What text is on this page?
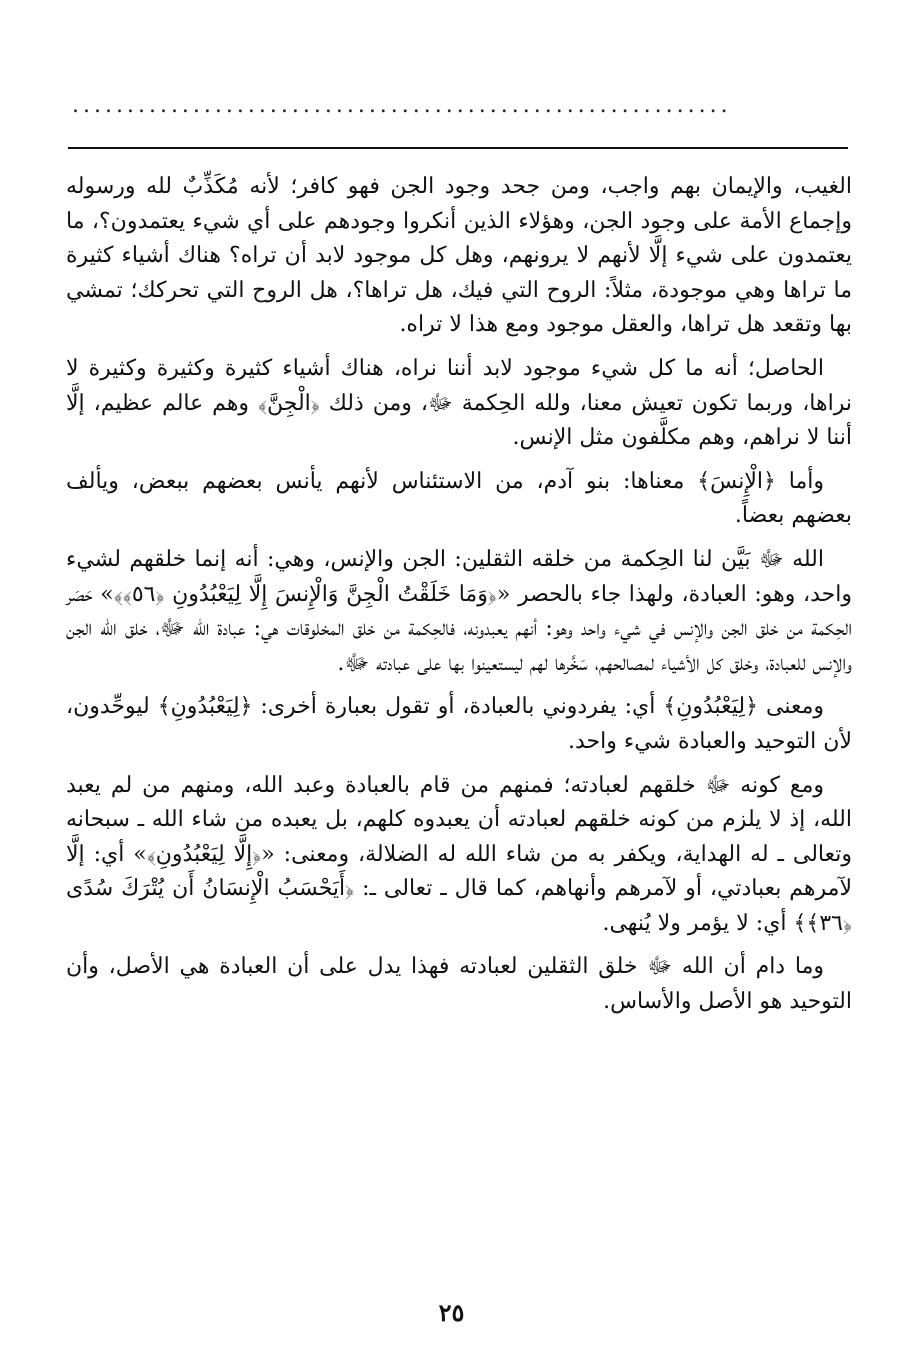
............................................................

الغيب، والإيمان بهم واجب، ومن جحد وجود الجن فهو كافر؛ لأنه مُكَذِّبٌ لله ورسوله وإجماع الأمة على وجود الجن، وهؤلاء الذين أنكروا وجودهم على أي شيء يعتمدون؟، ما يعتمدون على شيء إلَّا لأنهم لا يرونهم، وهل كل موجود لابد أن تراه؟ هناك أشياء كثيرة ما تراها وهي موجودة، مثلاً: الروح التي فيك، هل تراها؟، هل الروح التي تحركك؛ تمشي بها وتقعد هل تراها، والعقل موجود ومع هذا لا تراه.

الحاصل؛ أنه ما كل شيء موجود لابد أننا نراه، هناك أشياء كثيرة وكثيرة وكثيرة لا نراها، وربما تكون تعيش معنا، ولله الحِكمة ﷻ، ومن ذلك ﴿الْجِنَّ﴾ وهم عالم عظيم، إلَّا أننا لا نراهم، وهم مكلَّفون مثل الإنس.

وأما ﴿الْإِنسَ﴾ معناها: بنو آدم، من الاستئناس لأنهم يأنس بعضهم ببعض، ويألف بعضهم بعضاً.

الله ﷻ بَيَّن لنا الحِكمة من خلقه الثقلين: الجن والإنس، وهي: أنه إنما خلقهم لشيء واحد، وهو: العبادة، ولهذا جاء بالحصر «﴿وَمَا خَلَقْتُ الْجِنَّ وَالْإِنسَ إِلَّا لِيَعْبُدُونِ ﴿٥٦﴾﴾» حَصَر الحِكمة من خلق الجن والإنس في شيء واحد وهو: أنهم يعبدونه، فالحِكمة من خلق المخلوقات هي: عبادة الله ﷻ، خلق الله الجن والإنس للعبادة، وخلق كل الأشياء لمصالحهم، سَخَّرها لهم ليستعينوا بها على عبادته ﷻ.

ومعنى ﴿لِيَعْبُدُونِ﴾ أي: يفردوني بالعبادة، أو تقول بعبارة أخرى: ﴿لِيَعْبُدُونِ﴾ ليوحِّدون، لأن التوحيد والعبادة شيء واحد.

ومع كونه ﷻ خلقهم لعبادته؛ فمنهم من قام بالعبادة وعبد الله، ومنهم من لم يعبد الله، إذ لا يلزم من كونه خلقهم لعبادته أن يعبدوه كلهم، بل يعبده من شاء الله ـ سبحانه وتعالى ـ له الهداية، ويكفر به من شاء الله له الضلالة، ومعنى: «﴿إِلَّا لِيَعْبُدُونِ﴾» أي: إلَّا لآمرهم بعبادتي، أو لآمرهم وأنهاهم، كما قال ـ تعالى ـ: ﴿أَيَحْسَبُ الْإِنسَانُ أَن يُتْرَكَ سُدًى ﴿٣٦﴾﴾ أي: لا يؤمر ولا يُنهى.

وما دام أن الله ﷻ خلق الثقلين لعبادته فهذا يدل على أن العبادة هي الأصل، وأن التوحيد هو الأصل والأساس.

٢٥
